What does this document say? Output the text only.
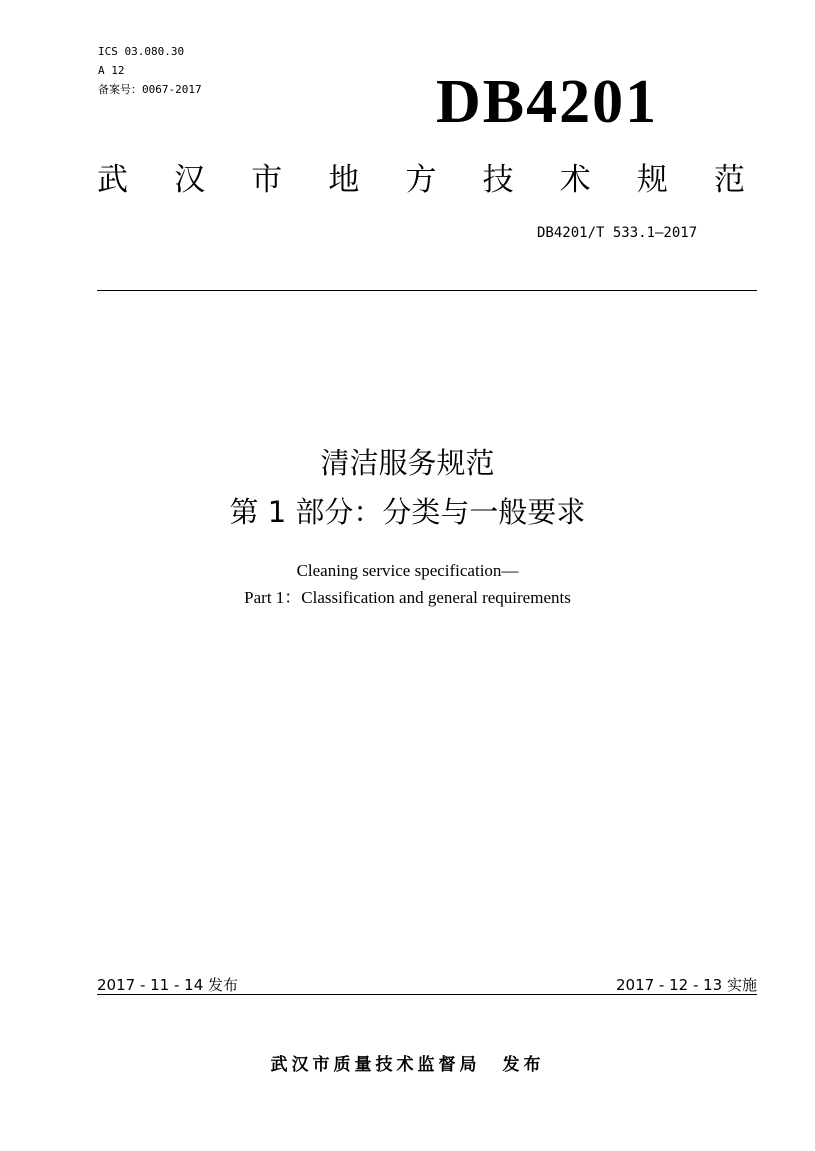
ICS 03.080.30
A 12
备案号：0067-2017	DB4201
武 汉 市 地 方 技 术 规 范
DB4201/T 533.1—2017
清洁服务规范
第 1 部分：分类与一般要求
Cleaning service specification—
Part 1：Classification and general requirements
2017 - 11 - 14 发布	2017 - 12 - 13 实施
武汉市质量技术监督局 发布
